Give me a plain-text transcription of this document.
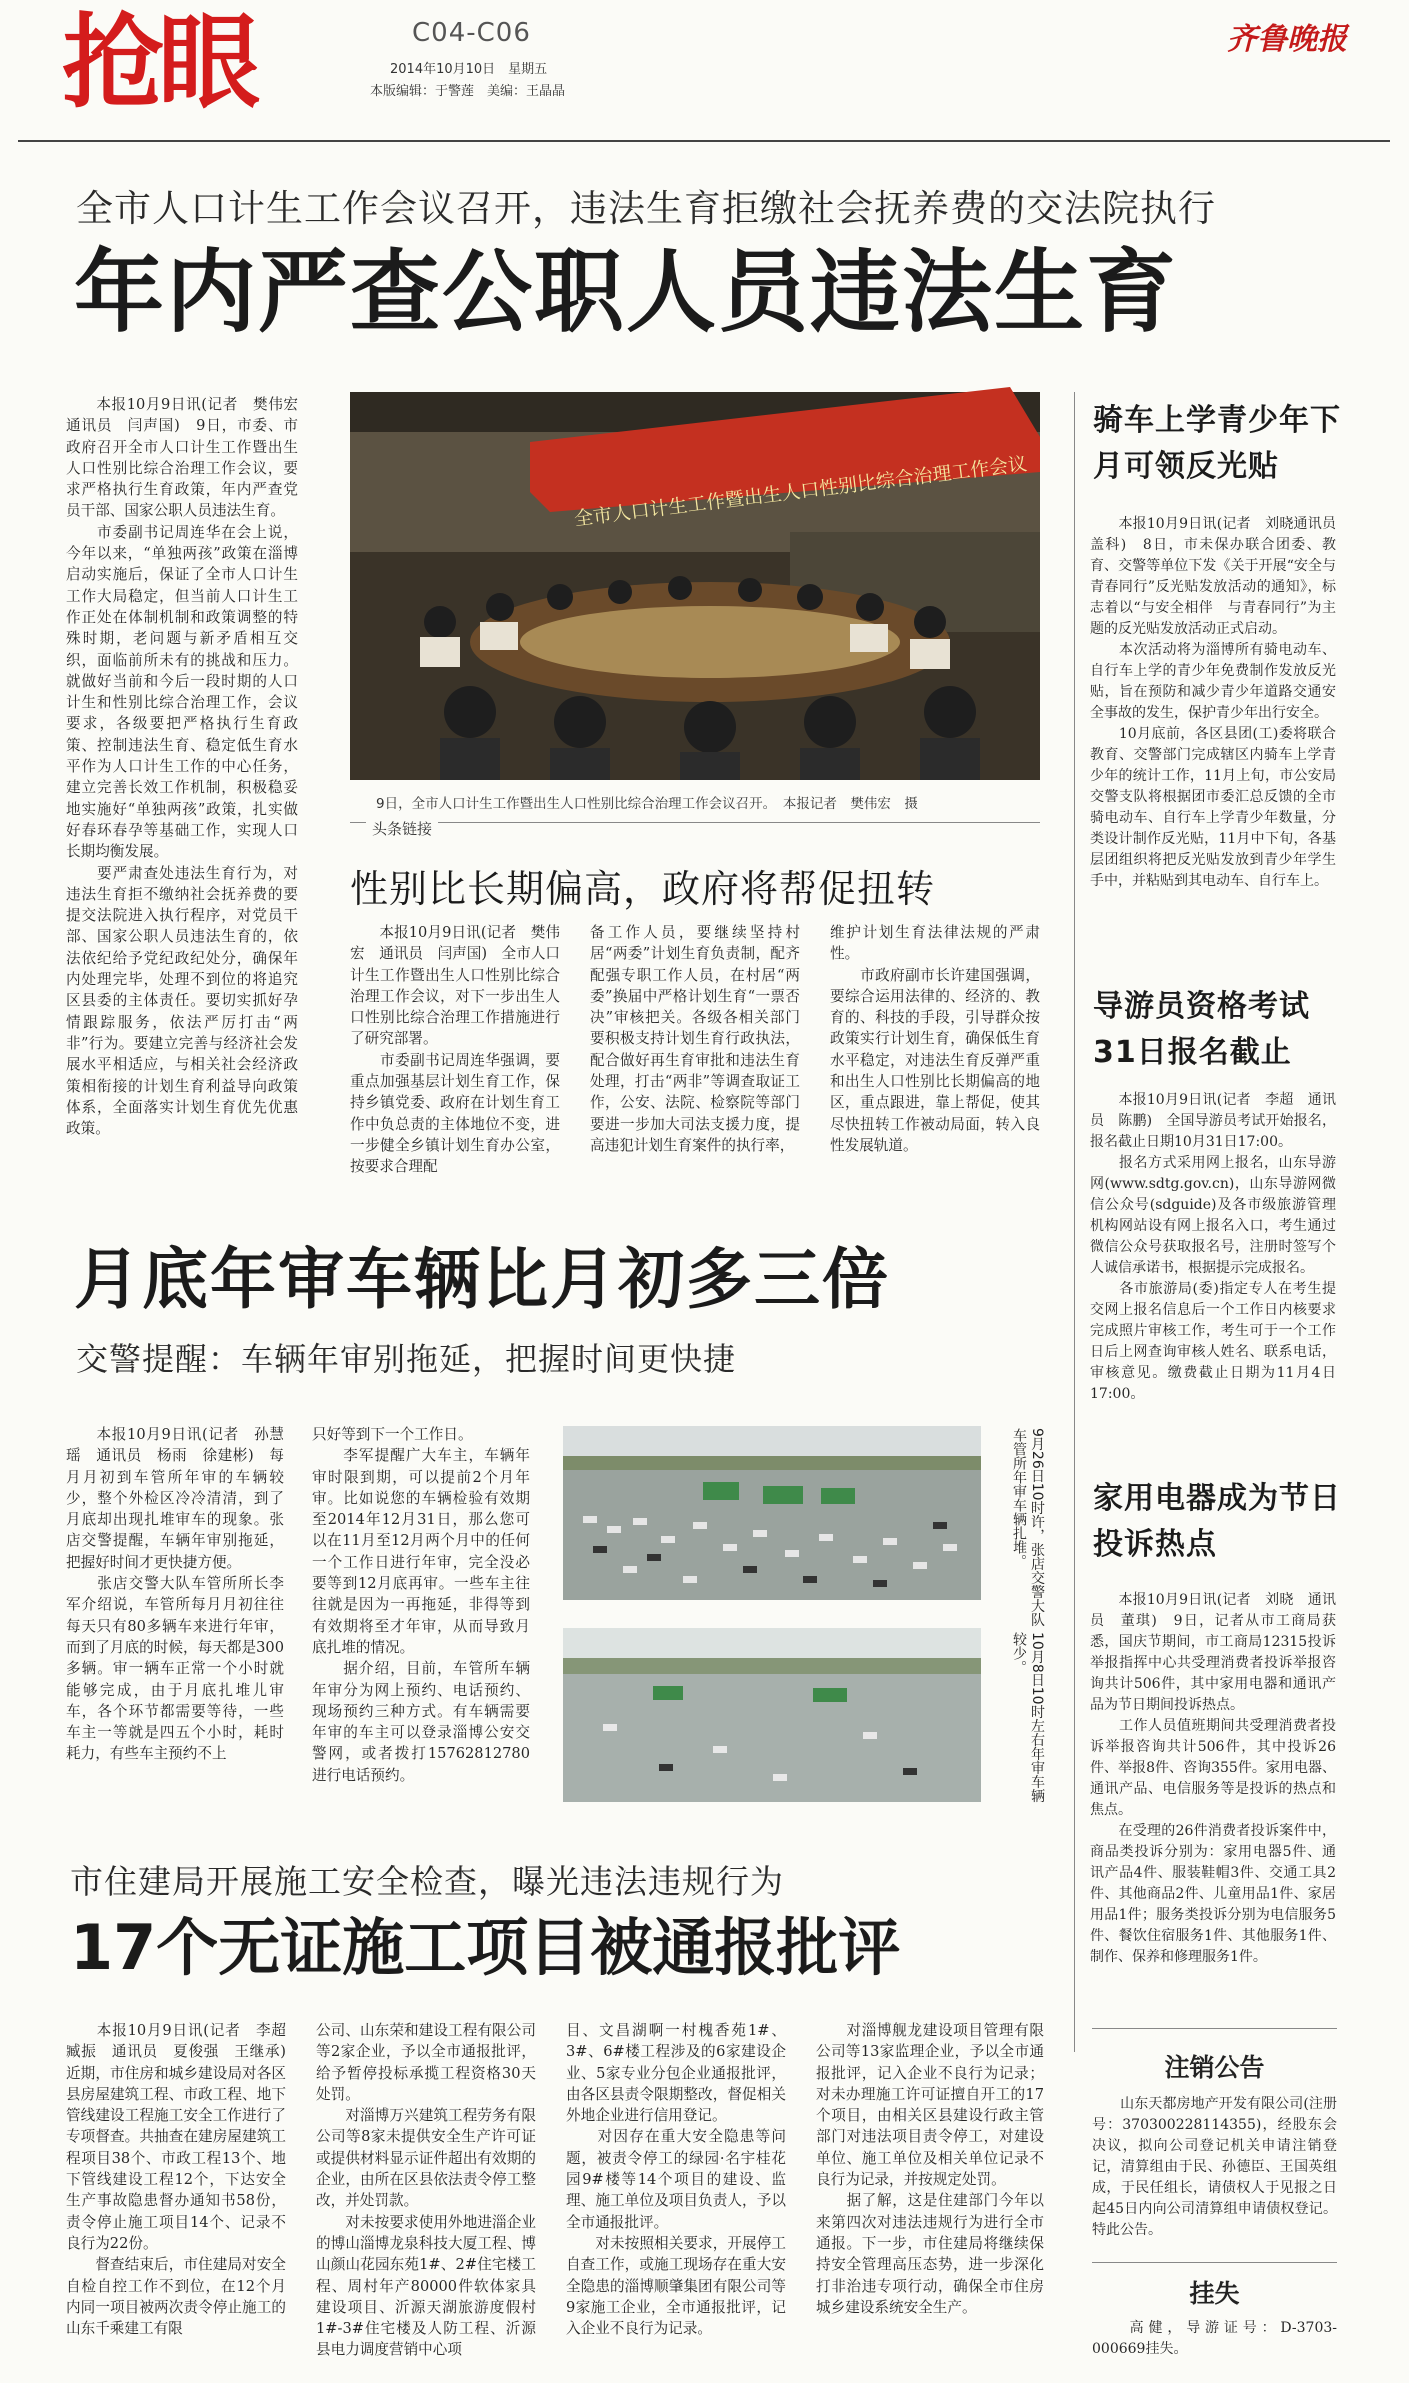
抢眼	C04-C06
2014年10月10日　星期五
本版编辑：于警莲　美编：王晶晶
齐鲁晚报
全市人口计生工作会议召开，违法生育拒缴社会抚养费的交法院执行
年内严查公职人员违法生育
　　本报10月9日讯(记者　樊伟宏　通讯员　闫声国)　9日，市委、市政府召开全市人口计生工作暨出生人口性别比综合治理工作会议，要求严格执行生育政策，年内严查党员干部、国家公职人员违法生育。
　　市委副书记周连华在会上说，今年以来，“单独两孩”政策在淄博启动实施后，保证了全市人口计生工作大局稳定，但当前人口计生工作正处在体制机制和政策调整的特殊时期，老问题与新矛盾相互交织，面临前所未有的挑战和压力。就做好当前和今后一段时期的人口计生和性别比综合治理工作，会议要求，各级要把严格执行生育政策、控制违法生育、稳定低生育水平作为人口计生工作的中心任务，建立完善长效工作机制，积极稳妥地实施好“单独两孩”政策，扎实做好春环春孕等基础工作，实现人口长期均衡发展。
　　要严肃查处违法生育行为，对违法生育拒不缴纳社会抚养费的要提交法院进入执行程序，对党员干部、国家公职人员违法生育的，依法依纪给予党纪政纪处分，确保年内处理完毕，处理不到位的将追究区县委的主体责任。要切实抓好孕情跟踪服务，依法严厉打击“两非”行为。要建立完善与经济社会发展水平相适应，与相关社会经济政策相衔接的计划生育利益导向政策体系，全面落实计划生育优先优惠政策。
全市人口计生工作暨出生人口性别比综合治理工作会议
9日，全市人口计生工作暨出生人口性别比综合治理工作会议召开。　本报记者　樊伟宏　摄
头条链接
性别比长期偏高，政府将帮促扭转
　　本报10月9日讯(记者　樊伟宏　通讯员　闫声国)　全市人口计生工作暨出生人口性别比综合治理工作会议，对下一步出生人口性别比综合治理工作措施进行了研究部署。
　　市委副书记周连华强调，要重点加强基层计划生育工作，保持乡镇党委、政府在计划生育工作中负总责的主体地位不变，进一步健全乡镇计划生育办公室，按要求合理配
备工作人员，要继续坚持村居“两委”计划生育负责制，配齐配强专职工作人员，在村居“两委”换届中严格计划生育“一票否决”审核把关。各级各相关部门要积极支持计划生育行政执法，配合做好再生育审批和违法生育处理，打击“两非”等调查取证工作，公安、法院、检察院等部门要进一步加大司法支援力度，提高违犯计划生育案件的执行率，
维护计划生育法律法规的严肃性。
　　市政府副市长许建国强调，要综合运用法律的、经济的、教育的、科技的手段，引导群众按政策实行计划生育，确保低生育水平稳定，对违法生育反弹严重和出生人口性别比长期偏高的地区，重点跟进，靠上帮促，使其尽快扭转工作被动局面，转入良性发展轨道。
骑车上学青少年下月可领反光贴
　　本报10月9日讯(记者　刘晓通讯员　盖科)　8日，市未保办联合团委、教育、交警等单位下发《关于开展“安全与青春同行”反光贴发放活动的通知》，标志着以“与安全相伴　与青春同行”为主题的反光贴发放活动正式启动。
　　本次活动将为淄博所有骑电动车、自行车上学的青少年免费制作发放反光贴，旨在预防和减少青少年道路交通安全事故的发生，保护青少年出行安全。
　　10月底前，各区县团(工)委将联合教育、交警部门完成辖区内骑车上学青少年的统计工作，11月上旬，市公安局交警支队将根据团市委汇总反馈的全市骑电动车、自行车上学青少年数量，分类设计制作反光贴，11月中下旬，各基层团组织将把反光贴发放到青少年学生手中，并粘贴到其电动车、自行车上。
导游员资格考试31日报名截止
　　本报10月9日讯(记者　李超　通讯员　陈鹏)　全国导游员考试开始报名，报名截止日期10月31日17:00。
　　报名方式采用网上报名，山东导游网(www.sdtg.gov.cn)，山东导游网微信公众号(sdguide)及各市级旅游管理机构网站设有网上报名入口，考生通过微信公众号获取报名号，注册时签写个人诚信承诺书，根据提示完成报名。
　　各市旅游局(委)指定专人在考生提交网上报名信息后一个工作日内核要求完成照片审核工作，考生可于一个工作日后上网查询审核人姓名、联系电话，审核意见。缴费截止日期为11月4日17:00。
家用电器成为节日投诉热点
　　本报10月9日讯(记者　刘晓　通讯员　董琪)　9日，记者从市工商局获悉，国庆节期间，市工商局12315投诉举报指挥中心共受理消费者投诉举报咨询共计506件，其中家用电器和通讯产品为节日期间投诉热点。
　　工作人员值班期间共受理消费者投诉举报咨询共计506件，其中投诉26件、举报8件、咨询355件。家用电器、通讯产品、电信服务等是投诉的热点和焦点。
　　在受理的26件消费者投诉案件中，商品类投诉分别为：家用电器5件、通讯产品4件、服装鞋帽3件、交通工具2件、其他商品2件、儿童用品1件、家居用品1件；服务类投诉分别为电信服务5件、餐饮住宿服务1件、其他服务1件、制作、保养和修理服务1件。
注销公告
　　山东天都房地产开发有限公司(注册号：370300228114355)，经股东会决议，拟向公司登记机关申请注销登记，清算组由于民、孙德臣、王国英组成，于民任组长，请债权人于见报之日起45日内向公司清算组申请债权登记。特此公告。
挂失
　　高健，导游证号：D-3703-000669挂失。
月底年审车辆比月初多三倍
交警提醒：车辆年审别拖延，把握时间更快捷
　　本报10月9日讯(记者　孙慧瑶　通讯员　杨雨　徐建彬)　每月月初到车管所年审的车辆较少，整个外检区冷冷清清，到了月底却出现扎堆审车的现象。张店交警提醒，车辆年审别拖延，把握好时间才更快捷方便。
　　张店交警大队车管所所长李军介绍说，车管所每月月初往往每天只有80多辆车来进行年审，而到了月底的时候，每天都是300多辆。审一辆车正常一个小时就能够完成，由于月底扎堆儿审车，各个环节都需要等待，一些车主一等就是四五个小时，耗时耗力，有些车主预约不上
只好等到下一个工作日。
　　李军提醒广大车主，车辆年审时限到期，可以提前2个月年审。比如说您的车辆检验有效期至2014年12月31日，那么您可以在11月至12月两个月中的任何一个工作日进行年审，完全没必要等到12月底再审。一些车主往往就是因为一再拖延，非得等到有效期将至才年审，从而导致月底扎堆的情况。
　　据介绍，目前，车管所车辆年审分为网上预约、电话预约、现场预约三种方式。有车辆需要年审的车主可以登录淄博公安交警网，或者拨打15762812780进行电话预约。
9月26日10时许，张店交警大队车管所年审车辆扎堆。
10月8日10时左右年审车辆较少。
市住建局开展施工安全检查，曝光违法违规行为
17个无证施工项目被通报批评
　　本报10月9日讯(记者　李超　臧振　通讯员　夏俊强　王继承)　近期，市住房和城乡建设局对各区县房屋建筑工程、市政工程、地下管线建设工程施工安全工作进行了专项督查。共抽查在建房屋建筑工程项目38个、市政工程13个、地下管线建设工程12个，下达安全生产事故隐患督办通知书58份，责令停止施工项目14个、记录不良行为22份。
　　督查结束后，市住建局对安全自检自控工作不到位，在12个月内同一项目被两次责令停止施工的山东千乘建工有限
公司、山东荣和建设工程有限公司等2家企业，予以全市通报批评，给予暂停投标承揽工程资格30天处罚。
　　对淄博万兴建筑工程劳务有限公司等8家未提供安全生产许可证或提供材料显示证件超出有效期的企业，由所在区县依法责令停工整改，并处罚款。
　　对未按要求使用外地进淄企业的博山淄博龙泉科技大厦工程、博山颜山花园东苑1#、2#住宅楼工程、周村年产80000件软体家具建设项目、沂源天湖旅游度假村1#-3#住宅楼及人防工程、沂源县电力调度营销中心项
目、文昌湖啊一村槐香苑1#、3#、6#楼工程涉及的6家建设企业、5家专业分包企业通报批评，由各区县责令限期整改，督促相关外地企业进行信用登记。
　　对因存在重大安全隐患等问题，被责令停工的绿园·名宇桂花园9#楼等14个项目的建设、监理、施工单位及项目负责人，予以全市通报批评。
　　对未按照相关要求，开展停工自查工作，或施工现场存在重大安全隐患的淄博顺肇集团有限公司等9家施工企业，全市通报批评，记入企业不良行为记录。
　　对淄博舰龙建设项目管理有限公司等13家监理企业，予以全市通报批评，记入企业不良行为记录；对未办理施工许可证擅自开工的17个项目，由相关区县建设行政主管部门对违法项目责令停工，对建设单位、施工单位及相关单位记录不良行为记录，并按规定处罚。
　　据了解，这是住建部门今年以来第四次对违法违规行为进行全市通报。下一步，市住建局将继续保持安全管理高压态势，进一步深化打非治违专项行动，确保全市住房城乡建设系统安全生产。
